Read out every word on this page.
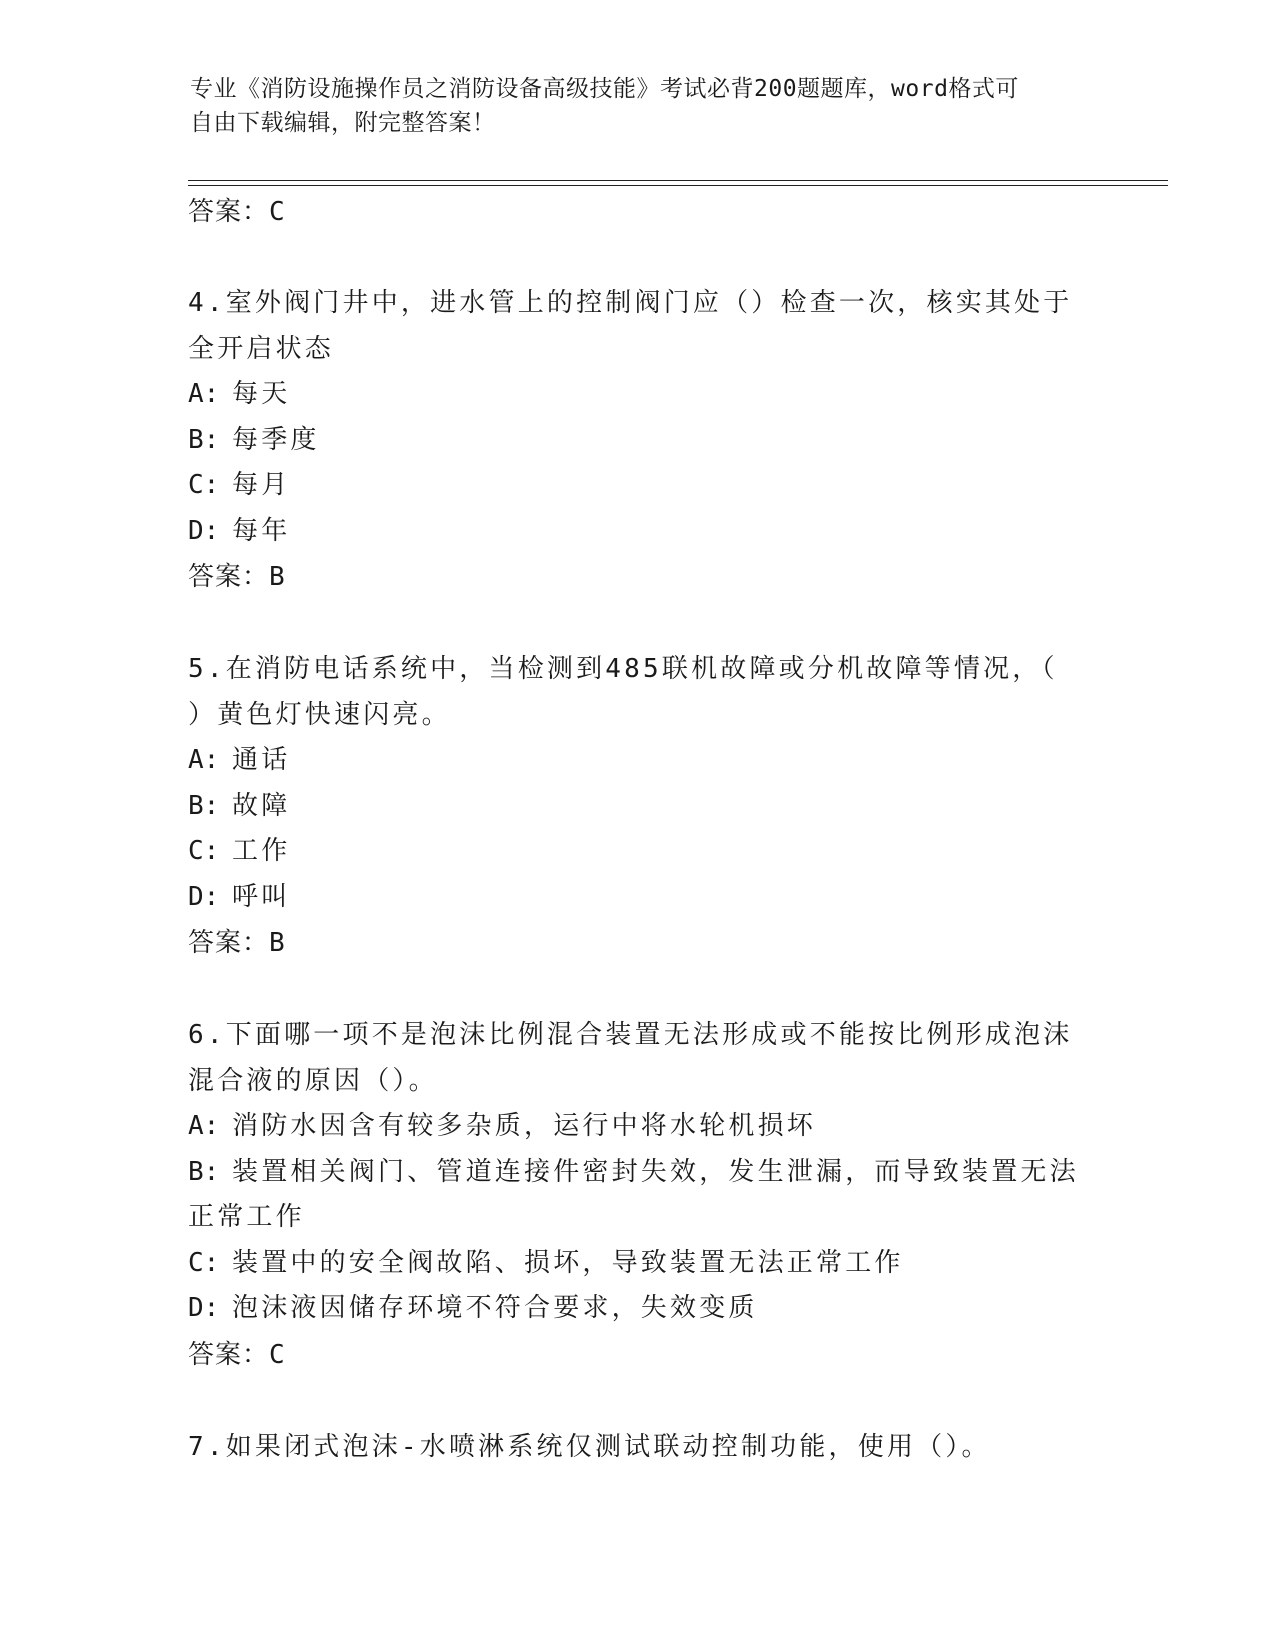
专业《消防设施操作员之消防设备高级技能》考试必背200题题库，word格式可
自由下载编辑，附完整答案！
答案：C
4.室外阀门井中，进水管上的控制阀门应（）检查一次，核实其处于
全开启状态
A: 每天
B: 每季度
C: 每月
D: 每年
答案：B
5.在消防电话系统中，当检测到485联机故障或分机故障等情况，（
）黄色灯快速闪亮。
A: 通话
B: 故障
C: 工作
D: 呼叫
答案：B
6.下面哪一项不是泡沫比例混合装置无法形成或不能按比例形成泡沫
混合液的原因（）。
A: 消防水因含有较多杂质，运行中将水轮机损坏
B: 装置相关阀门、管道连接件密封失效，发生泄漏，而导致装置无法
正常工作
C: 装置中的安全阀故陷、损坏，导致装置无法正常工作
D: 泡沫液因储存环境不符合要求，失效变质
答案：C
7.如果闭式泡沫-水喷淋系统仅测试联动控制功能，使用（）。
